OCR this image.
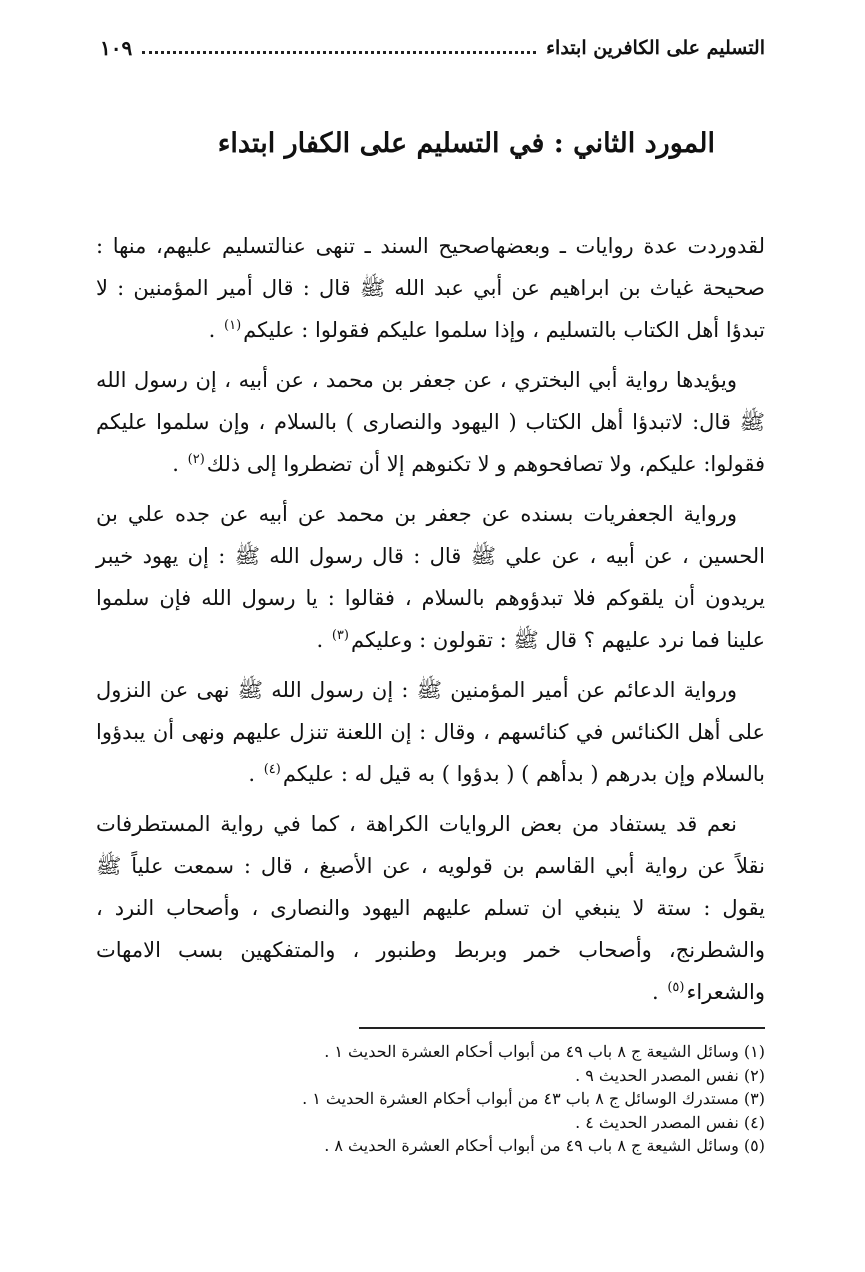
التسليم على الكافرين ابتداء
١٠٩
المورد الثاني : في التسليم على الكفار ابتداء

لقدوردت عدة روايات ـ وبعضهاصحيح السند ـ تنهى عنالتسليم عليهم، منها : صحيحة غياث بن ابراهيم عن أبي عبد الله ﷺ قال : قال أمير المؤمنين : لا تبدؤا أهل الكتاب بالتسليم ، وإذا سلموا عليكم فقولوا : عليكم$^{(١)}$ .

ويؤيدها رواية أبي البختري ، عن جعفر بن محمد ، عن أبيه ، إن رسول الله ﷺ قال: لاتبدؤا أهل الكتاب ( اليهود والنصارى ) بالسلام ، وإن سلموا عليكم فقولوا: عليكم، ولا تصافحوهم و لا تكنوهم إلا أن تضطروا إلى ذلك$^{(٢)}$ .

ورواية الجعفريات بسنده عن جعفر بن محمد عن أبيه عن جده علي بن الحسين ، عن أبيه ، عن علي ﷺ قال : قال رسول الله ﷺ : إن يهود خيبر يريدون أن يلقوكم فلا تبدؤوهم بالسلام ، فقالوا : يا رسول الله فإن سلموا علينا فما نرد عليهم ؟ قال ﷺ : تقولون : وعليكم$^{(٣)}$ .

ورواية الدعائم عن أمير المؤمنين ﷺ : إن رسول الله ﷺ نهى عن النزول على أهل الكنائس في كنائسهم ، وقال : إن اللعنة تنزل عليهم ونهى أن يبدؤوا بالسلام وإن بدرهم ( بدأهم ) ( بدؤوا ) به قيل له : عليكم$^{(٤)}$ .

نعم قد يستفاد من بعض الروايات الكراهة ، كما في رواية المستطرفات نقلاً عن رواية أبي القاسم بن قولويه ، عن الأصبغ ، قال : سمعت علياً ﷺ يقول : ستة لا ينبغي ان تسلم عليهم اليهود والنصارى ، وأصحاب النرد ، والشطرنج، وأصحاب خمر وبربط وطنبور ، والمتفكهين بسب الامهات والشعراء$^{(٥)}$ .

(١) وسائل الشيعة ج ٨ باب ٤٩ من أبواب أحكام العشرة الحديث ١ .

(٢) نفس المصدر الحديث ٩ .

(٣) مستدرك الوسائل ج ٨ باب ٤٣ من أبواب أحكام العشرة الحديث ١ .

(٤) نفس المصدر الحديث ٤ .

(٥) وسائل الشيعة ج ٨ باب ٤٩ من أبواب أحكام العشرة الحديث ٨ .
